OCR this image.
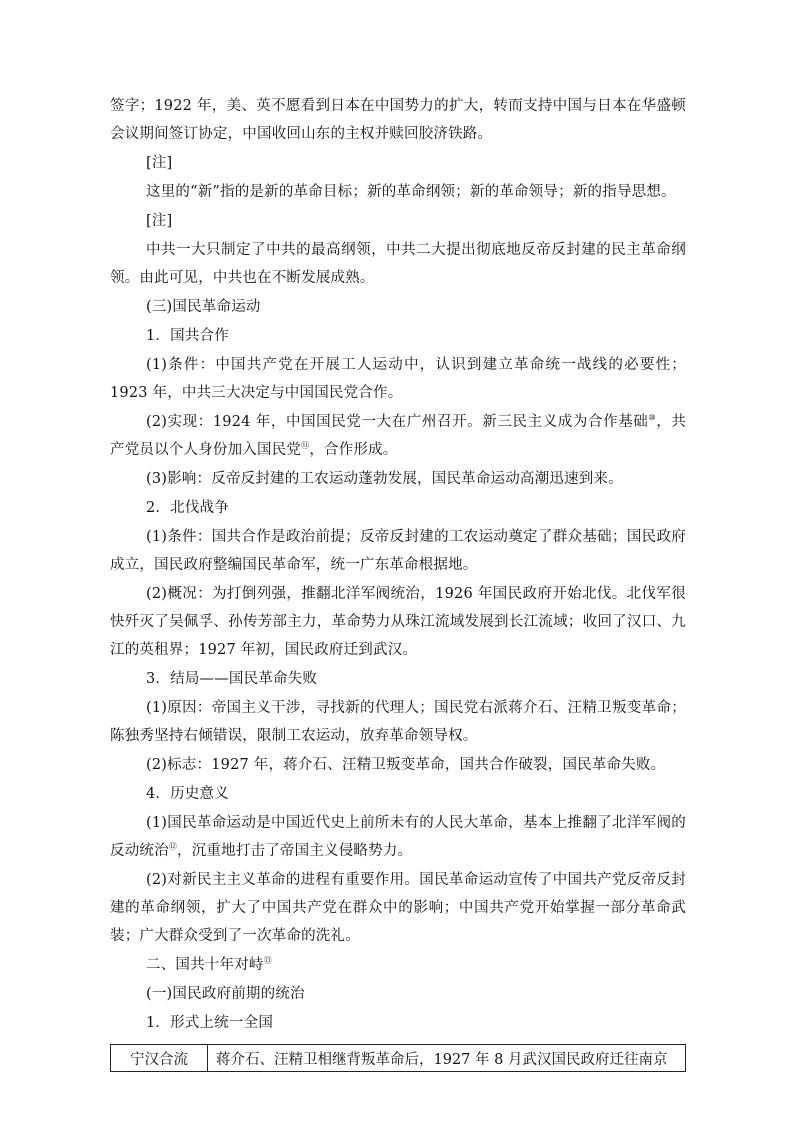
签字；1922 年，美、英不愿看到日本在中国势力的扩大，转而支持中国与日本在华盛顿会议期间签订协定，中国收回山东的主权并赎回胶济铁路。

[注]

这里的“新”指的是新的革命目标；新的革命纲领；新的革命领导；新的指导思想。

[注]

中共一大只制定了中共的最高纲领，中共二大提出彻底地反帝反封建的民主革命纲领。由此可见，中共也在不断发展成熟。

(三)国民革命运动

1．国共合作

(1)条件：中国共产党在开展工人运动中，认识到建立革命统一战线的必要性；1923 年，中共三大决定与中国国民党合作。

(2)实现：1924 年，中国国民党一大在广州召开。新三民主义成为合作基础⑩，共产党员以个人身份加入国民党⑪，合作形成。

(3)影响：反帝反封建的工农运动蓬勃发展，国民革命运动高潮迅速到来。

2．北伐战争

(1)条件：国共合作是政治前提；反帝反封建的工农运动奠定了群众基础；国民政府成立，国民政府整编国民革命军，统一广东革命根据地。

(2)概况：为打倒列强，推翻北洋军阀统治，1926 年国民政府开始北伐。北伐军很快歼灭了吴佩孚、孙传芳部主力，革命势力从珠江流域发展到长江流域；收回了汉口、九江的英租界；1927 年初，国民政府迁到武汉。

3．结局——国民革命失败

(1)原因：帝国主义干涉，寻找新的代理人；国民党右派蒋介石、汪精卫叛变革命；陈独秀坚持右倾错误，限制工农运动，放弃革命领导权。

(2)标志：1927 年，蒋介石、汪精卫叛变革命，国共合作破裂，国民革命失败。

4．历史意义

(1)国民革命运动是中国近代史上前所未有的人民大革命，基本上推翻了北洋军阀的反动统治⑫，沉重地打击了帝国主义侵略势力。

(2)对新民主主义革命的进程有重要作用。国民革命运动宣传了中国共产党反帝反封建的革命纲领，扩大了中国共产党在群众中的影响；中国共产党开始掌握一部分革命武装；广大群众受到了一次革命的洗礼。

二、国共十年对峙⑬

(一)国民政府前期的统治

1．形式上统一全国

宁汉合流	蒋介石、汪精卫相继背叛革命后，1927 年 8 月武汉国民政府迁往南京
